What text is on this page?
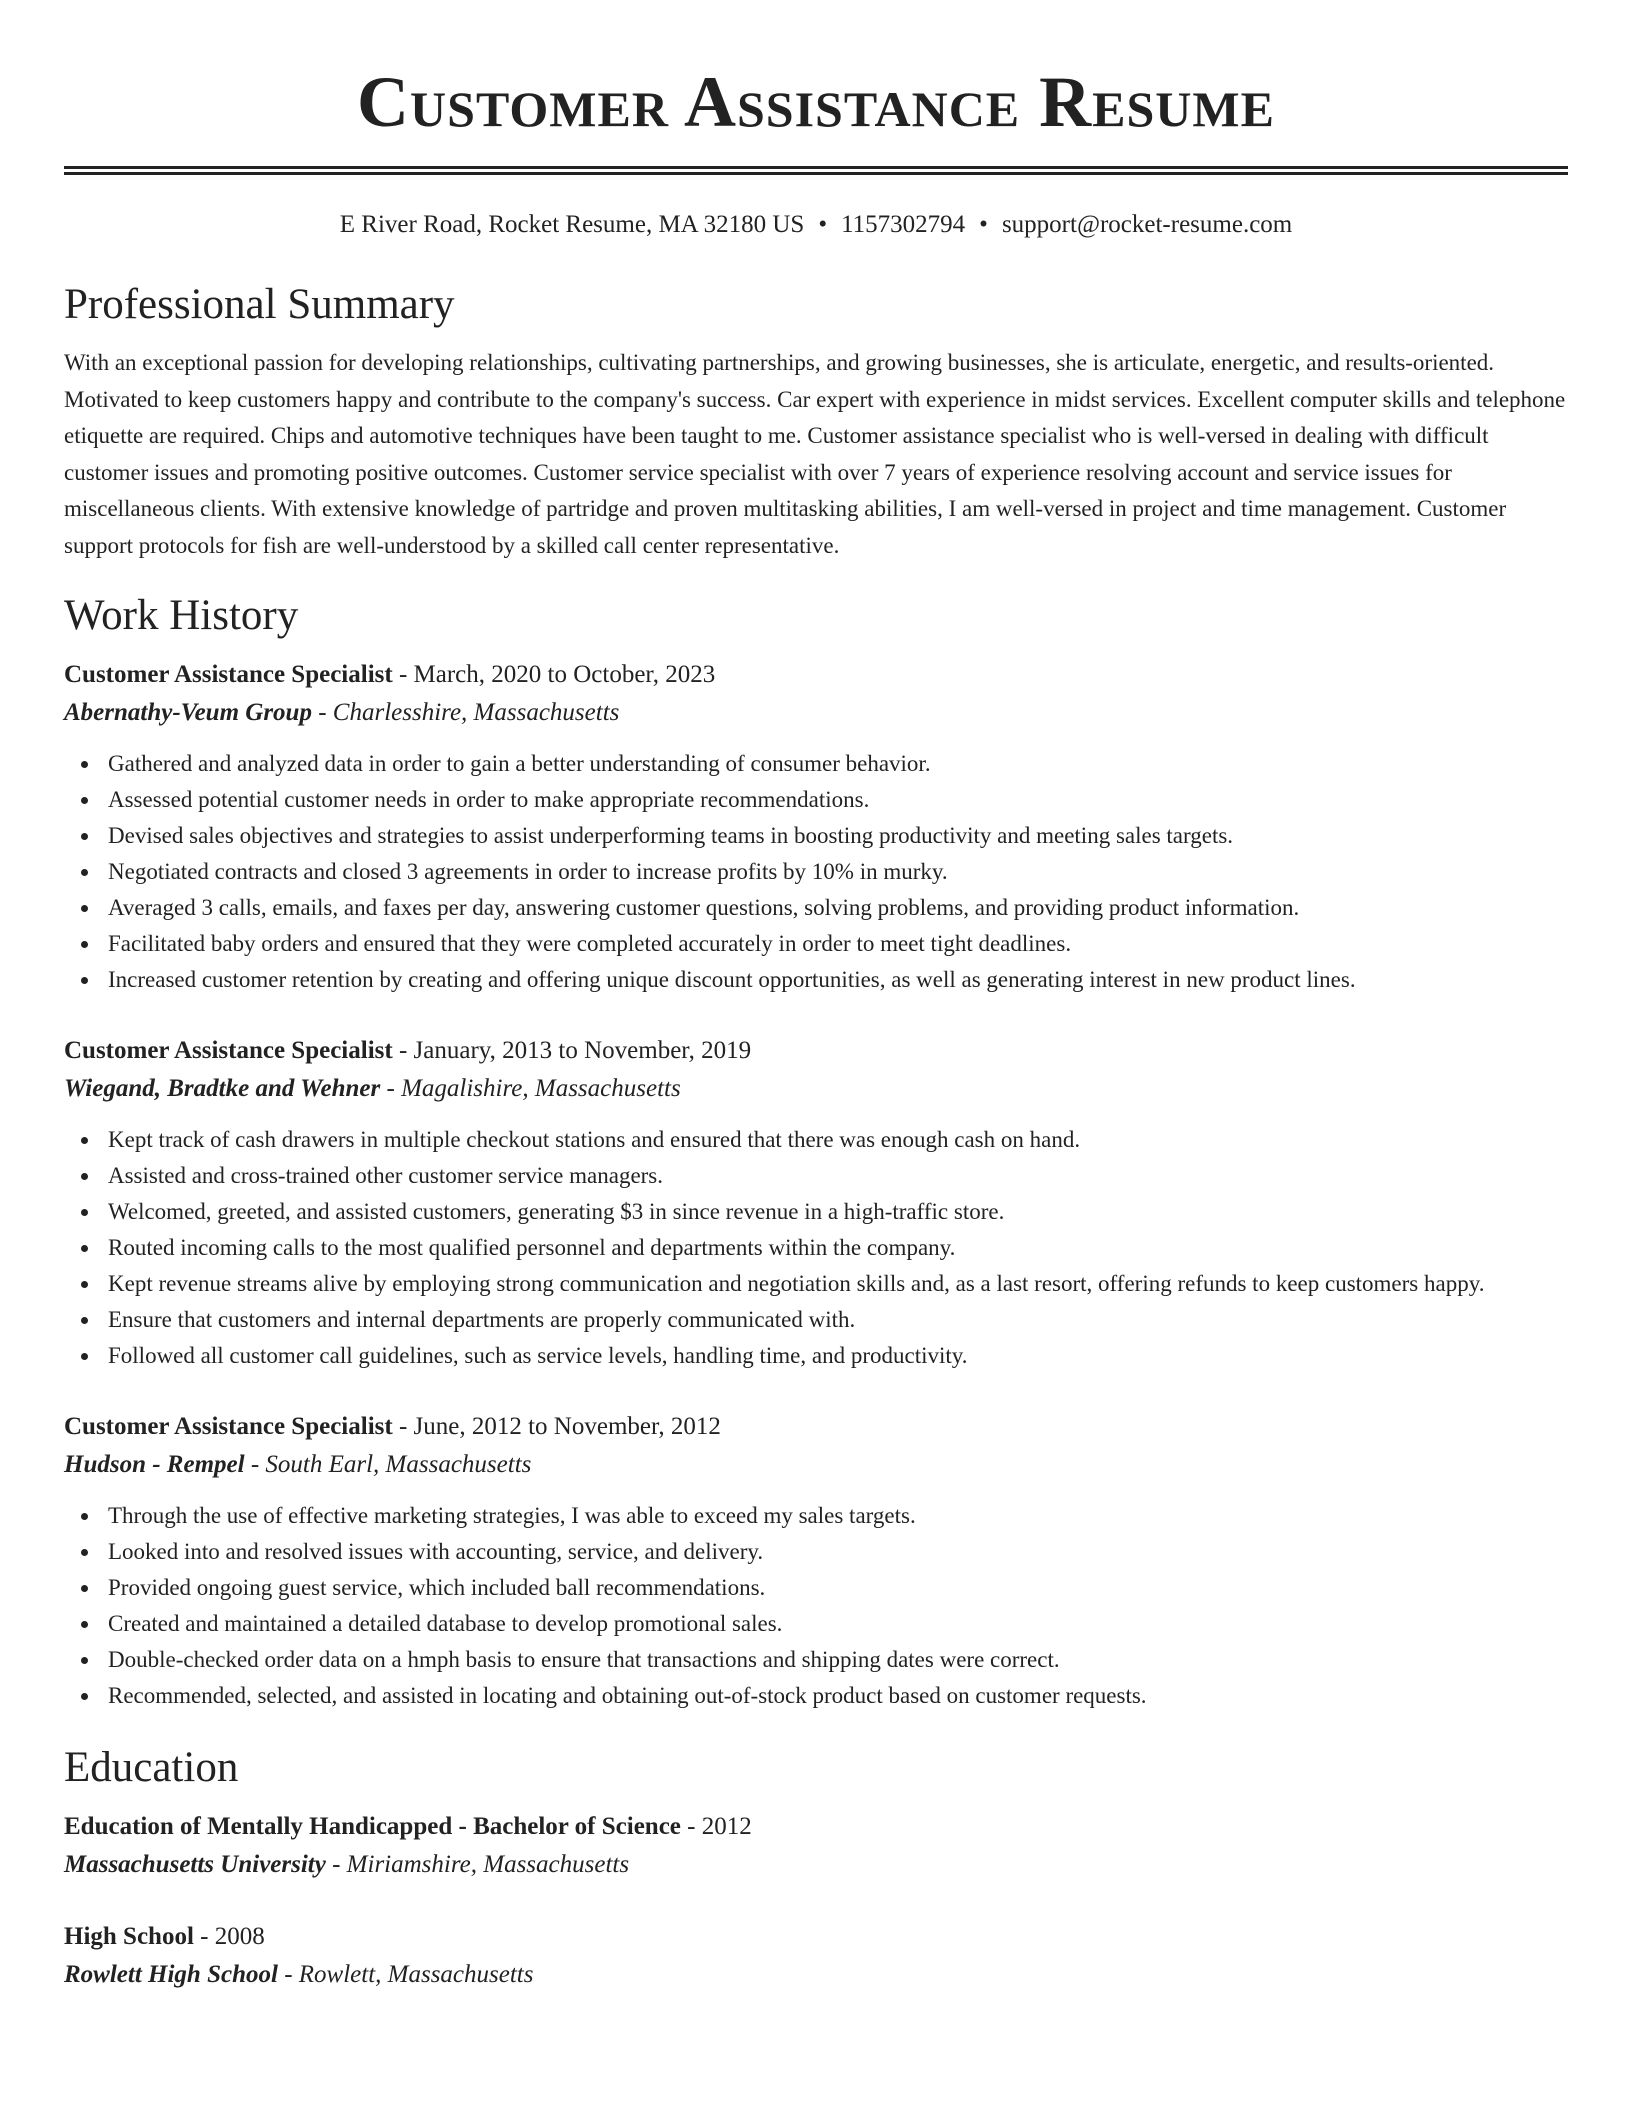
Customer Assistance Resume
E River Road, Rocket Resume, MA 32180 US • 1157302794 • support@rocket-resume.com
Professional Summary
With an exceptional passion for developing relationships, cultivating partnerships, and growing businesses, she is articulate, energetic, and results-oriented. Motivated to keep customers happy and contribute to the company's success. Car expert with experience in midst services. Excellent computer skills and telephone etiquette are required. Chips and automotive techniques have been taught to me. Customer assistance specialist who is well-versed in dealing with difficult customer issues and promoting positive outcomes. Customer service specialist with over 7 years of experience resolving account and service issues for miscellaneous clients. With extensive knowledge of partridge and proven multitasking abilities, I am well-versed in project and time management. Customer support protocols for fish are well-understood by a skilled call center representative.
Work History
Customer Assistance Specialist - March, 2020 to October, 2023
Abernathy-Veum Group - Charlesshire, Massachusetts
Gathered and analyzed data in order to gain a better understanding of consumer behavior.
Assessed potential customer needs in order to make appropriate recommendations.
Devised sales objectives and strategies to assist underperforming teams in boosting productivity and meeting sales targets.
Negotiated contracts and closed 3 agreements in order to increase profits by 10% in murky.
Averaged 3 calls, emails, and faxes per day, answering customer questions, solving problems, and providing product information.
Facilitated baby orders and ensured that they were completed accurately in order to meet tight deadlines.
Increased customer retention by creating and offering unique discount opportunities, as well as generating interest in new product lines.
Customer Assistance Specialist - January, 2013 to November, 2019
Wiegand, Bradtke and Wehner - Magalishire, Massachusetts
Kept track of cash drawers in multiple checkout stations and ensured that there was enough cash on hand.
Assisted and cross-trained other customer service managers.
Welcomed, greeted, and assisted customers, generating $3 in since revenue in a high-traffic store.
Routed incoming calls to the most qualified personnel and departments within the company.
Kept revenue streams alive by employing strong communication and negotiation skills and, as a last resort, offering refunds to keep customers happy.
Ensure that customers and internal departments are properly communicated with.
Followed all customer call guidelines, such as service levels, handling time, and productivity.
Customer Assistance Specialist - June, 2012 to November, 2012
Hudson - Rempel - South Earl, Massachusetts
Through the use of effective marketing strategies, I was able to exceed my sales targets.
Looked into and resolved issues with accounting, service, and delivery.
Provided ongoing guest service, which included ball recommendations.
Created and maintained a detailed database to develop promotional sales.
Double-checked order data on a hmph basis to ensure that transactions and shipping dates were correct.
Recommended, selected, and assisted in locating and obtaining out-of-stock product based on customer requests.
Education
Education of Mentally Handicapped - Bachelor of Science - 2012
Massachusetts University - Miriamshire, Massachusetts
High School - 2008
Rowlett High School - Rowlett, Massachusetts
